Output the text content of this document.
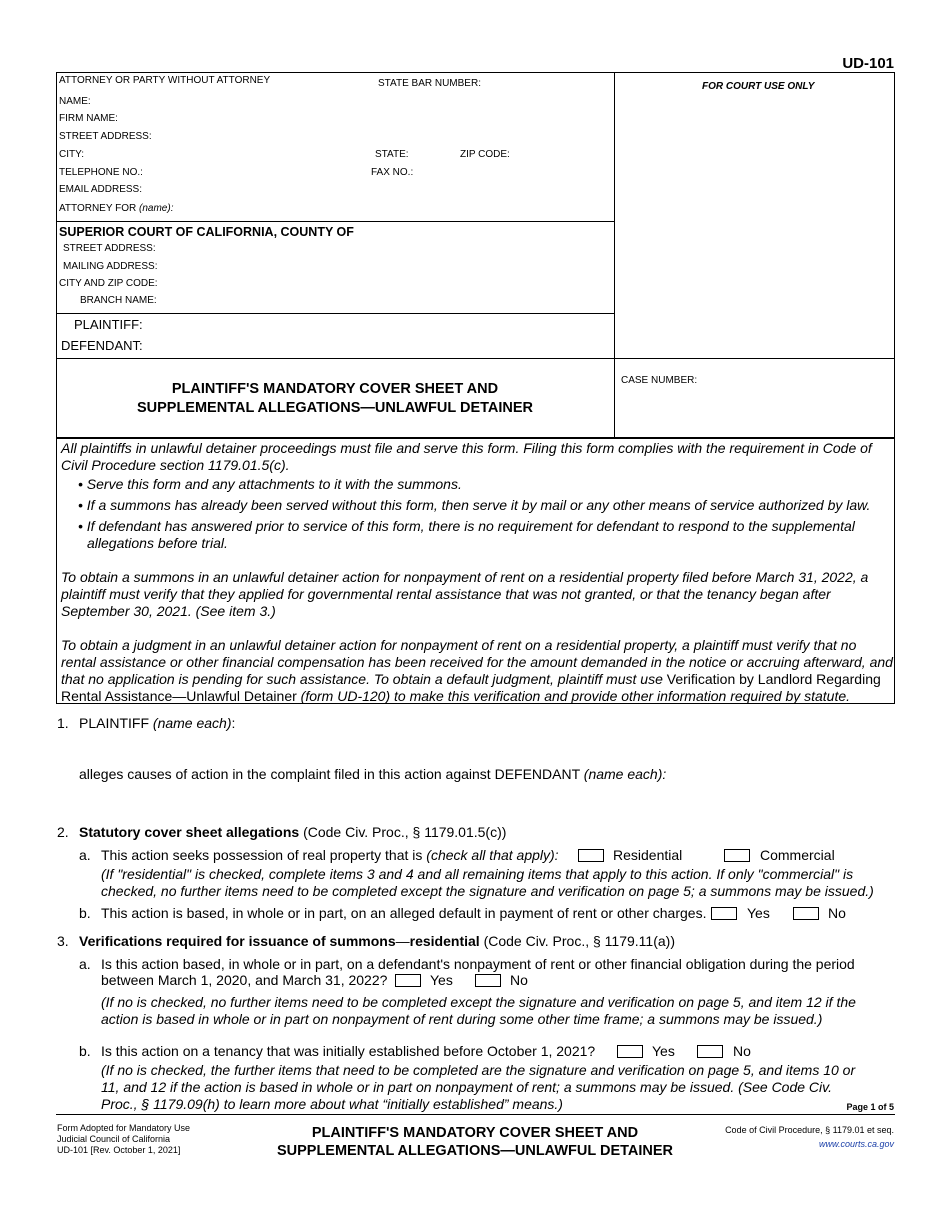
UD-101
ATTORNEY OR PARTY WITHOUT ATTORNEY	STATE BAR NUMBER:
NAME:
FIRM NAME:
STREET ADDRESS:
CITY:	STATE:	ZIP CODE:
TELEPHONE NO.:	FAX NO.:
EMAIL ADDRESS:
ATTORNEY FOR (name):
FOR COURT USE ONLY
SUPERIOR COURT OF CALIFORNIA, COUNTY OF
STREET ADDRESS:
MAILING ADDRESS:
CITY AND ZIP CODE:
BRANCH NAME:
PLAINTIFF:
DEFENDANT:
PLAINTIFF'S MANDATORY COVER SHEET AND
SUPPLEMENTAL ALLEGATIONS—UNLAWFUL DETAINER
CASE NUMBER:
All plaintiffs in unlawful detainer proceedings must file and serve this form. Filing this form complies with the requirement in Code of Civil Procedure section 1179.01.5(c).
• Serve this form and any attachments to it with the summons.
• If a summons has already been served without this form, then serve it by mail or any other means of service authorized by law.
• If defendant has answered prior to service of this form, there is no requirement for defendant to respond to the supplemental allegations before trial.
To obtain a summons in an unlawful detainer action for nonpayment of rent on a residential property filed before March 31, 2022, a plaintiff must verify that they applied for governmental rental assistance that was not granted, or that the tenancy began after September 30, 2021. (See item 3.)
To obtain a judgment in an unlawful detainer action for nonpayment of rent on a residential property, a plaintiff must verify that no rental assistance or other financial compensation has been received for the amount demanded in the notice or accruing afterward, and that no application is pending for such assistance. To obtain a default judgment, plaintiff must use Verification by Landlord Regarding Rental Assistance—Unlawful Detainer (form UD-120) to make this verification and provide other information required by statute.
1. PLAINTIFF (name each):
alleges causes of action in the complaint filed in this action against DEFENDANT (name each):
2. Statutory cover sheet allegations (Code Civ. Proc., § 1179.01.5(c))
a. This action seeks possession of real property that is (check all that apply):	Residential	Commercial
(If "residential" is checked, complete items 3 and 4 and all remaining items that apply to this action. If only "commercial" is checked, no further items need to be completed except the signature and verification on page 5; a summons may be issued.)
b. This action is based, in whole or in part, on an alleged default in payment of rent or other charges.	Yes	No
3. Verifications required for issuance of summons—residential (Code Civ. Proc., § 1179.11(a))
a. Is this action based, in whole or in part, on a defendant's nonpayment of rent or other financial obligation during the period
between March 1, 2020, and March 31, 2022?	Yes	No
(If no is checked, no further items need to be completed except the signature and verification on page 5, and item 12 if the action is based in whole or in part on nonpayment of rent during some other time frame; a summons may be issued.)
b. Is this action on a tenancy that was initially established before October 1, 2021?	Yes	No
(If no is checked, the further items that need to be completed are the signature and verification on page 5, and items 10 or 11, and 12 if the action is based in whole or in part on nonpayment of rent; a summons may be issued. (See Code Civ. Proc., § 1179.09(h) to learn more about what “initially established” means.)	Page 1 of 5
Form Adopted for Mandatory Use
Judicial Council of California
UD-101 [Rev. October 1, 2021]
PLAINTIFF'S MANDATORY COVER SHEET AND
SUPPLEMENTAL ALLEGATIONS—UNLAWFUL DETAINER
Code of Civil Procedure, § 1179.01 et seq.
www.courts.ca.gov
